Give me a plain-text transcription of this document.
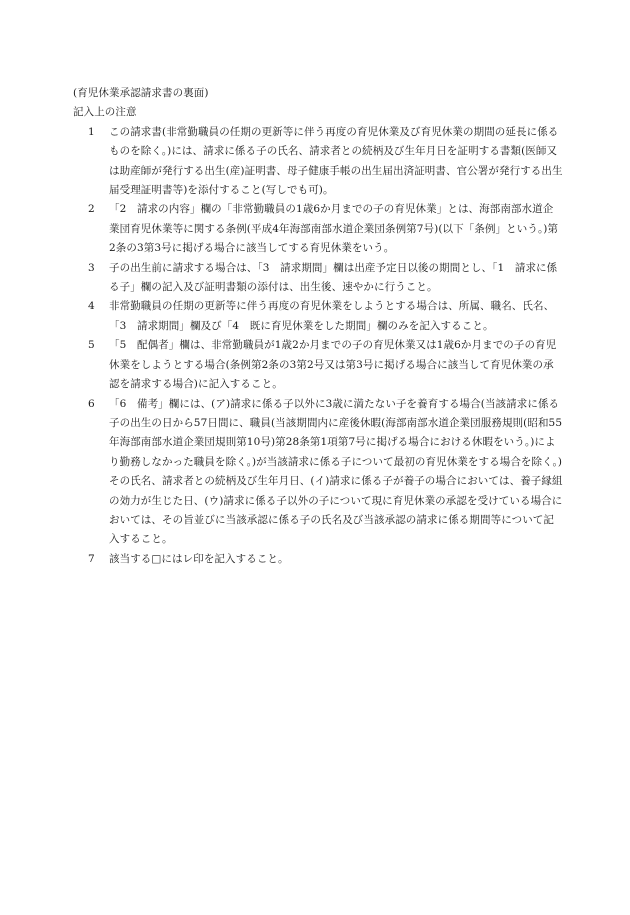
(育児休業承認請求書の裏面)

記入上の注意

1	この請求書(非常勤職員の任期の更新等に伴う再度の育児休業及び育児休業の期間の延長に係るものを除く。)には、請求に係る子の氏名、請求者との続柄及び生年月日を証明する書類(医師又は助産師が発行する出生(産)証明書、母子健康手帳の出生届出済証明書、官公署が発行する出生届受理証明書等)を添付すること(写しでも可)。
2	「2　請求の内容」欄の「非常勤職員の1歳6か月までの子の育児休業」とは、海部南部水道企業団育児休業等に関する条例(平成4年海部南部水道企業団条例第7号)(以下「条例」という。)第2条の3第3号に掲げる場合に該当してする育児休業をいう。
3	子の出生前に請求する場合は、「3　請求期間」欄は出産予定日以後の期間とし、「1　請求に係る子」欄の記入及び証明書類の添付は、出生後、速やかに行うこと。
4	非常勤職員の任期の更新等に伴う再度の育児休業をしようとする場合は、所属、職名、氏名、「3　請求期間」欄及び「4　既に育児休業をした期間」欄のみを記入すること。
5	「5　配偶者」欄は、非常勤職員が1歳2か月までの子の育児休業又は1歳6か月までの子の育児休業をしようとする場合(条例第2条の3第2号又は第3号に掲げる場合に該当して育児休業の承認を請求する場合)に記入すること。
6	「6　備考」欄には、(ア)請求に係る子以外に3歳に満たない子を養育する場合(当該請求に係る子の出生の日から57日間に、職員(当該期間内に産後休暇(海部南部水道企業団服務規則(昭和55年海部南部水道企業団規則第10号)第28条第1項第7号に掲げる場合における休暇をいう。)により勤務しなかった職員を除く。)が当該請求に係る子について最初の育児休業をする場合を除く。)その氏名、請求者との続柄及び生年月日、(イ)請求に係る子が養子の場合においては、養子縁組の効力が生じた日、(ウ)請求に係る子以外の子について現に育児休業の承認を受けている場合においては、その旨並びに当該承認に係る子の氏名及び当該承認の請求に係る期間等について記入すること。
7	該当する□にはレ印を記入すること。
